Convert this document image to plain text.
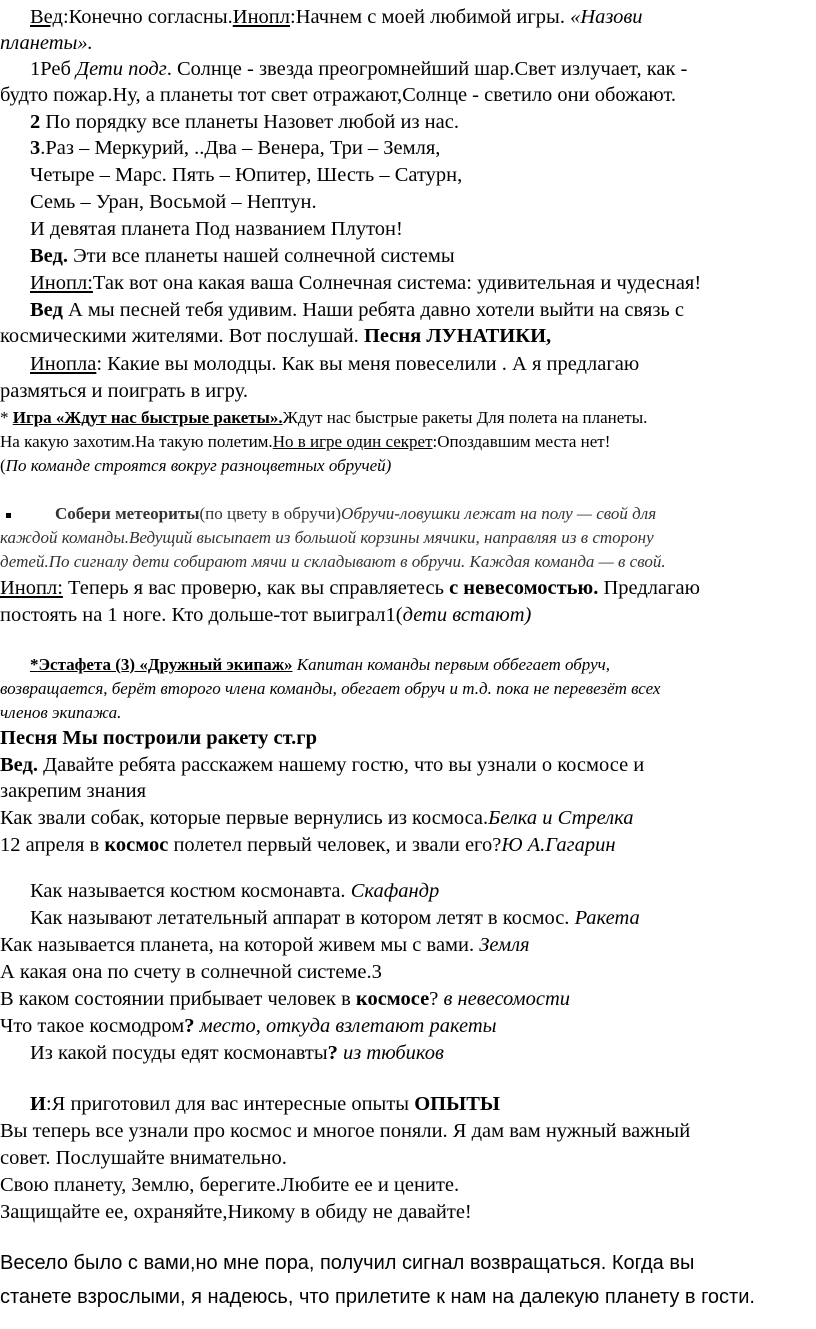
Вед:Конечно согласны.Инопл:Начнем с моей любимой игры. «Назови
планеты».
1Реб Дети подг. Солнце - звезда преогромнейший шар.Свет излучает, как -
будто пожар.Ну, а планеты тот свет отражают,Солнце - светило они обожают.
2 По порядку все планеты Назовет любой из нас.
3.Раз – Меркурий, ..Два – Венера, Три – Земля,
Четыре – Марс. Пять – Юпитер, Шесть – Сатурн,
Семь – Уран, Восьмой – Нептун.
И девятая планета Под названием Плутон!
Вед. Эти все планеты нашей солнечной системы
Инопл:Так вот она какая ваша Солнечная система: удивительная и чудесная!
Вед А мы песней тебя удивим. Наши ребята давно хотели выйти на связь с
космическими жителями. Вот послушай. Песня ЛУНАТИКИ,
Инопла: Какие вы молодцы. Как вы меня повеселили . А я предлагаю
размяться и поиграть в игру.
* Игра «Ждут нас быстрые ракеты».Ждут нас быстрые ракеты Для полета на планеты.
На какую захотим.На такую полетим.Но в игре один секрет:Опоздавшим места нет!
(По команде строятся вокруг разноцветных обручей)
Собери метеориты(по цвету в обручи)Обручи-ловушки лежат на полу — свой для
каждой команды.Ведущий высыпает из большой корзины мячики, направляя из в сторону
детей.По сигналу дети собирают мячи и складывают в обручи. Каждая команда — в свой.
Инопл: Теперь я вас проверю, как вы справляетесь с невесомостью. Предлагаю
постоять на 1 ноге. Кто дольше-тот выиграл1(дети встают)
*Эстафета (3) «Дружный экипаж» Капитан команды первым оббегает обруч,
возвращается, берёт второго члена команды, обегает обруч и т.д. пока не перевезёт всех
членов экипажа.
Песня Мы построили ракету ст.гр
Вед. Давайте ребята расскажем нашему гостю, что вы узнали о космосе и
закрепим знания
Как звали собак, которые первые вернулись из космоса.Белка и Стрелка
12 апреля в космос полетел первый человек, и звали его?Ю А.Гагарин
Как называется костюм космонавта. Скафандр
Как называют летательный аппарат в котором летят в космос. Ракета
Как называется планета, на которой живем мы с вами. Земля
А какая она по счету в солнечной системе.3
В каком состоянии прибывает человек в космосе? в невесомости
Что такое космодром? место, откуда взлетают ракеты
Из какой посуды едят космонавты? из тюбиков
И:Я приготовил для вас интересные опыты ОПЫТЫ
Вы теперь все узнали про космос и многое поняли. Я дам вам нужный важный
совет. Послушайте внимательно.
Свою планету, Землю, берегите.Любите ее и цените.
Защищайте ее, охраняйте,Никому в обиду не давайте!
Весело было с вами,но мне пора, получил сигнал возвращаться. Когда вы
станете взрослыми, я надеюсь, что прилетите к нам на далекую планету в гости.
